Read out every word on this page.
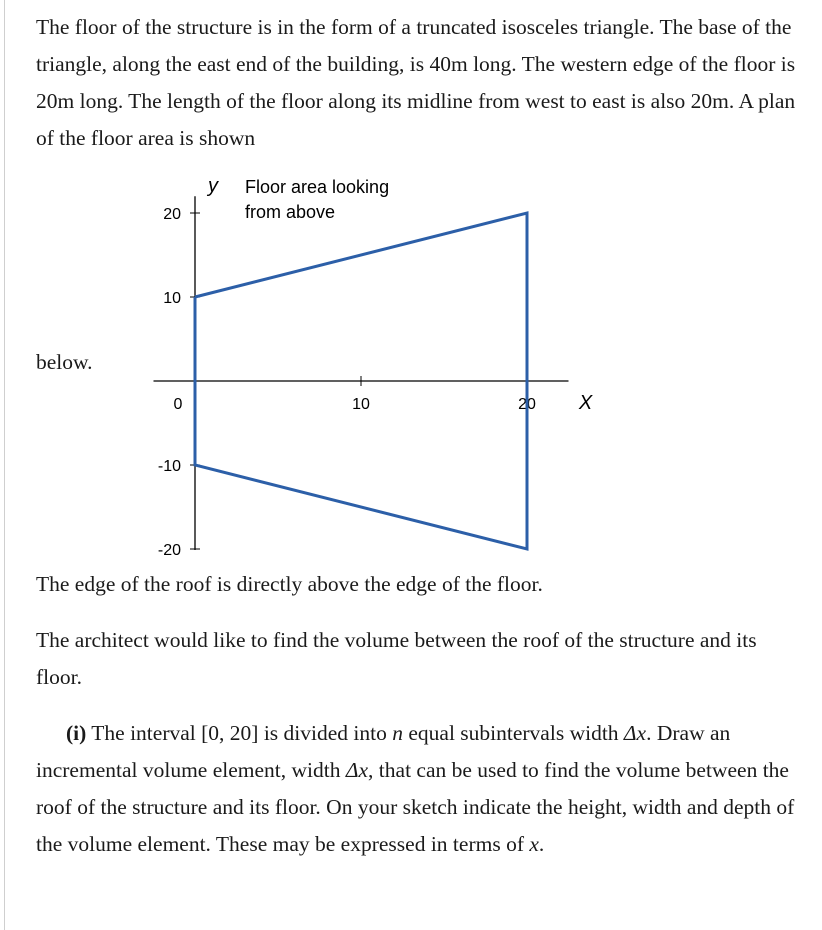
The floor of the structure is in the form of a truncated isosceles triangle. The base of the triangle, along the east end of the building, is 40m long. The western edge of the floor is 20m long. The length of the floor along its midline from west to east is also 20m. A plan of the floor area is shown

below.

0	10	20
20
10
-10
-20
y
X
Floor area looking
from above

The edge of the roof is directly above the edge of the floor.

The architect would like to find the volume between the roof of the structure and its floor.

(i) The interval [0, 20] is divided into n equal subintervals width Δx. Draw an incremental volume element, width Δx, that can be used to find the volume between the roof of the structure and its floor. On your sketch indicate the height, width and depth of the volume element. These may be expressed in terms of x.
